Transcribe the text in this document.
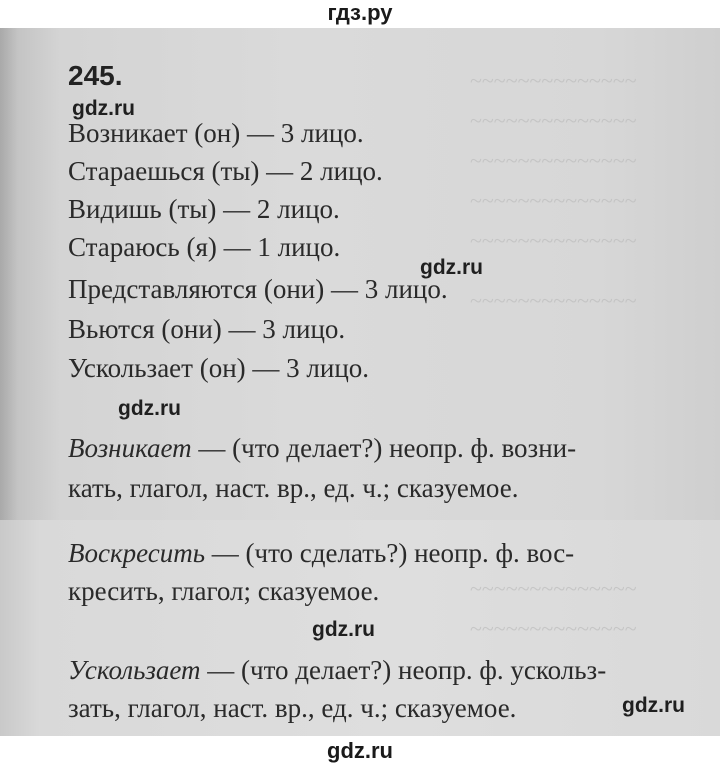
гдз.ру
~~~~~~~~~~~~~~
~~~~~~~~~~~~~~
~~~~~~~~~~~~~~
~~~~~~~~~~~~~~
~~~~~~~~~~~~~~
~~~~~~~~~~~~~~
~~~~~~~~~~~~~~
~~~~~~~~~~~~~~
245.
gdz.ru
gdz.ru
gdz.ru
gdz.ru
gdz.ru
Возникает (он) — 3 лицо.
Стараешься (ты) — 2 лицо.
Видишь (ты) — 2 лицо.
Стараюсь (я) — 1 лицо.
Представляются (они) — 3 лицо.
Вьются (они) — 3 лицо.
Ускользает (он) — 3 лицо.
Возникает — (что делает?) неопр. ф. возни-
кать, глагол, наст. вр., ед. ч.; сказуемое.
Воскресить — (что сделать?) неопр. ф. вос-
кресить, глагол; сказуемое.
Ускользает — (что делает?) неопр. ф. ускольз-
зать, глагол, наст. вр., ед. ч.; сказуемое.
gdz.ru
